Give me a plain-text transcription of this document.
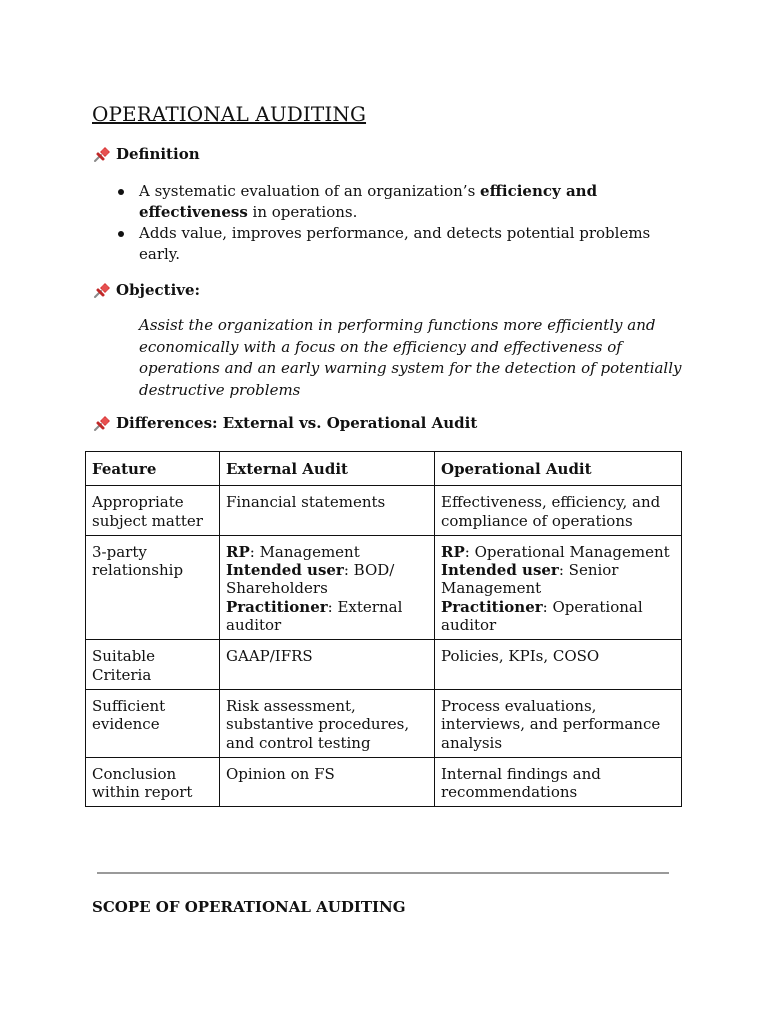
OPERATIONAL AUDITING
Definition
A systematic evaluation of an organization’s efficiency and effectiveness in operations.
Adds value, improves performance, and detects potential problems early.
Objective:

Assist the organization in performing functions more efficiently and economically with a focus on the efficiency and effectiveness of operations and an early warning system for the detection of potentially destructive problems

Differences: External vs. Operational Audit
Feature	External Audit	Operational Audit
Appropriate subject matter	Financial statements	Effectiveness, efficiency, and compliance of operations
3-party relationship	RP: Management
Intended user: BOD/ Shareholders
Practitioner: External auditor	RP: Operational Management
Intended user: Senior Management
Practitioner: Operational auditor
Suitable Criteria	GAAP/IFRS	Policies, KPIs, COSO
Sufficient evidence	Risk assessment, substantive procedures, and control testing	Process evaluations, interviews, and performance analysis
Conclusion within report	Opinion on FS	Internal findings and recommendations
SCOPE OF OPERATIONAL AUDITING
